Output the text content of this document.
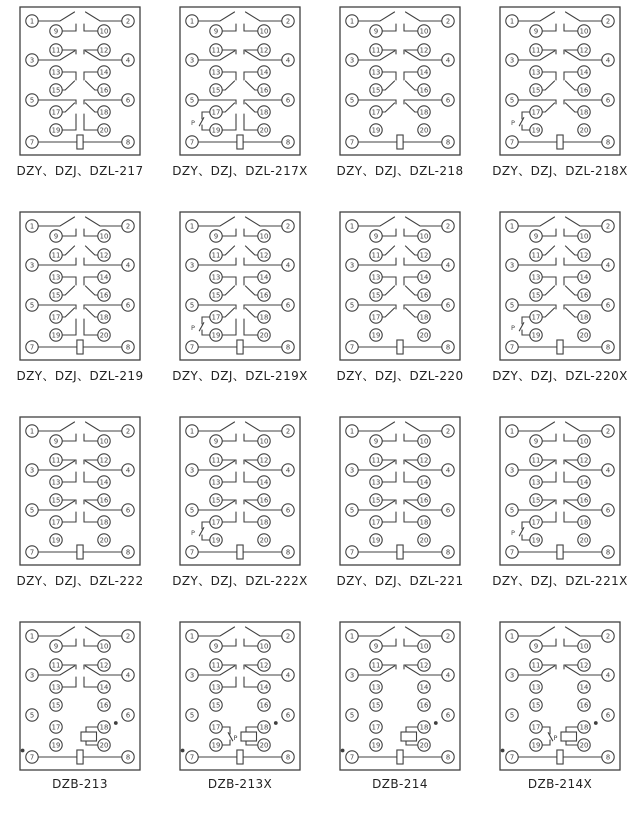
1	2
3	4
5	6
7	8
9	10
11	12
13	14
15	16
17	18
19	20
DZY、DZJ、DZL-217
1	2
3	4
5	6
7	8
9	10
11	12
13	14
15	16
17	18
19	20
P
DZY、DZJ、DZL-217X
1	2
3	4
5	6
7	8
9	10
11	12
13	14
15	16
17	18
19	20
DZY、DZJ、DZL-218
1	2
3	4
5	6
7	8
9	10
11	12
13	14
15	16
17	18
19	20
P
DZY、DZJ、DZL-218X
1	2
3	4
5	6
7	8
9	10
11	12
13	14
15	16
17	18
19	20
DZY、DZJ、DZL-219
1	2
3	4
5	6
7	8
9	10
11	12
13	14
15	16
17	18
19	20
P
DZY、DZJ、DZL-219X
1	2
3	4
5	6
7	8
9	10
11	12
13	14
15	16
17	18
19	20
DZY、DZJ、DZL-220
1	2
3	4
5	6
7	8
9	10
11	12
13	14
15	16
17	18
19	20
P
DZY、DZJ、DZL-220X
1	2
3	4
5	6
7	8
9	10
11	12
13	14
15	16
17	18
19	20
DZY、DZJ、DZL-222
1	2
3	4
5	6
7	8
9	10
11	12
13	14
15	16
17	18
19	20
P
DZY、DZJ、DZL-222X
1	2
3	4
5	6
7	8
9	10
11	12
13	14
15	16
17	18
19	20
DZY、DZJ、DZL-221
1	2
3	4
5	6
7	8
9	10
11	12
13	14
15	16
17	18
19	20
P
DZY、DZJ、DZL-221X
1	2
3	4
5	6
7	8
9	10
11	12
13	14
15	16
17	18
19	20
DZB-213
1	2
3	4
5	6
7	8
9	10
11	12
13	14
15	16
17	18
19	20
P
DZB-213X
1	2
3	4
5	6
7	8
9	10
11	12
13	14
15	16
17	18
19	20
DZB-214
1	2
3	4
5	6
7	8
9	10
11	12
13	14
15	16
17	18
19	20
P
DZB-214X
